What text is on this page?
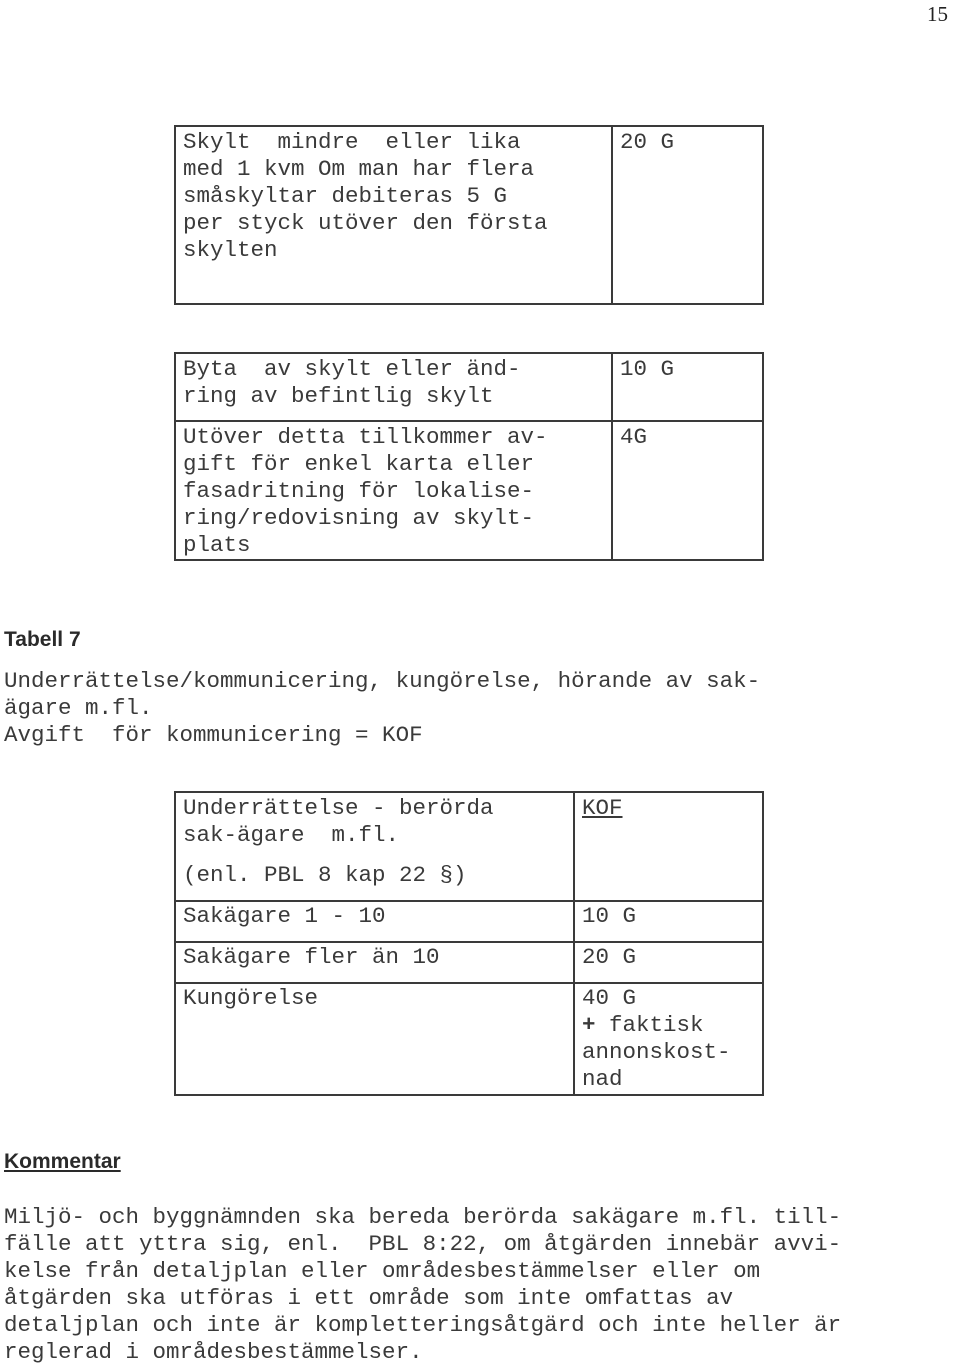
15
Skylt  mindre  eller lika
med 1 kvm Om man har flera
småskyltar debiteras 5 G
per styck utöver den första
skylten

20 G
Byta  av skylt eller änd-
ring av befintlig skylt	10 G

Utöver detta tillkommer av-
gift för enkel karta eller
fasadritning för lokalise-
ring/redovisning av skylt-
plats	4G
Tabell 7
Underrättelse/kommunicering, kungörelse, hörande av sak-
ägare m.fl.
Avgift  för kommunicering = KOF
Underrättelse - berörda
sak-ägare  m.fl.
(enl. PBL 8 kap 22 §)	KOF

Sakägare 1 - 10	10 G

Sakägare fler än 10	20 G

Kungörelse	40 G
+ faktisk
annonskost-
nad
Kommentar
Miljö- och byggnämnden ska bereda berörda sakägare m.fl. till-
fälle att yttra sig, enl.  PBL 8:22, om åtgärden innebär avvi-
kelse från detaljplan eller områdesbestämmelser eller om
åtgärden ska utföras i ett område som inte omfattas av
detaljplan och inte är kompletteringsåtgärd och inte heller är
reglerad i områdesbestämmelser.
